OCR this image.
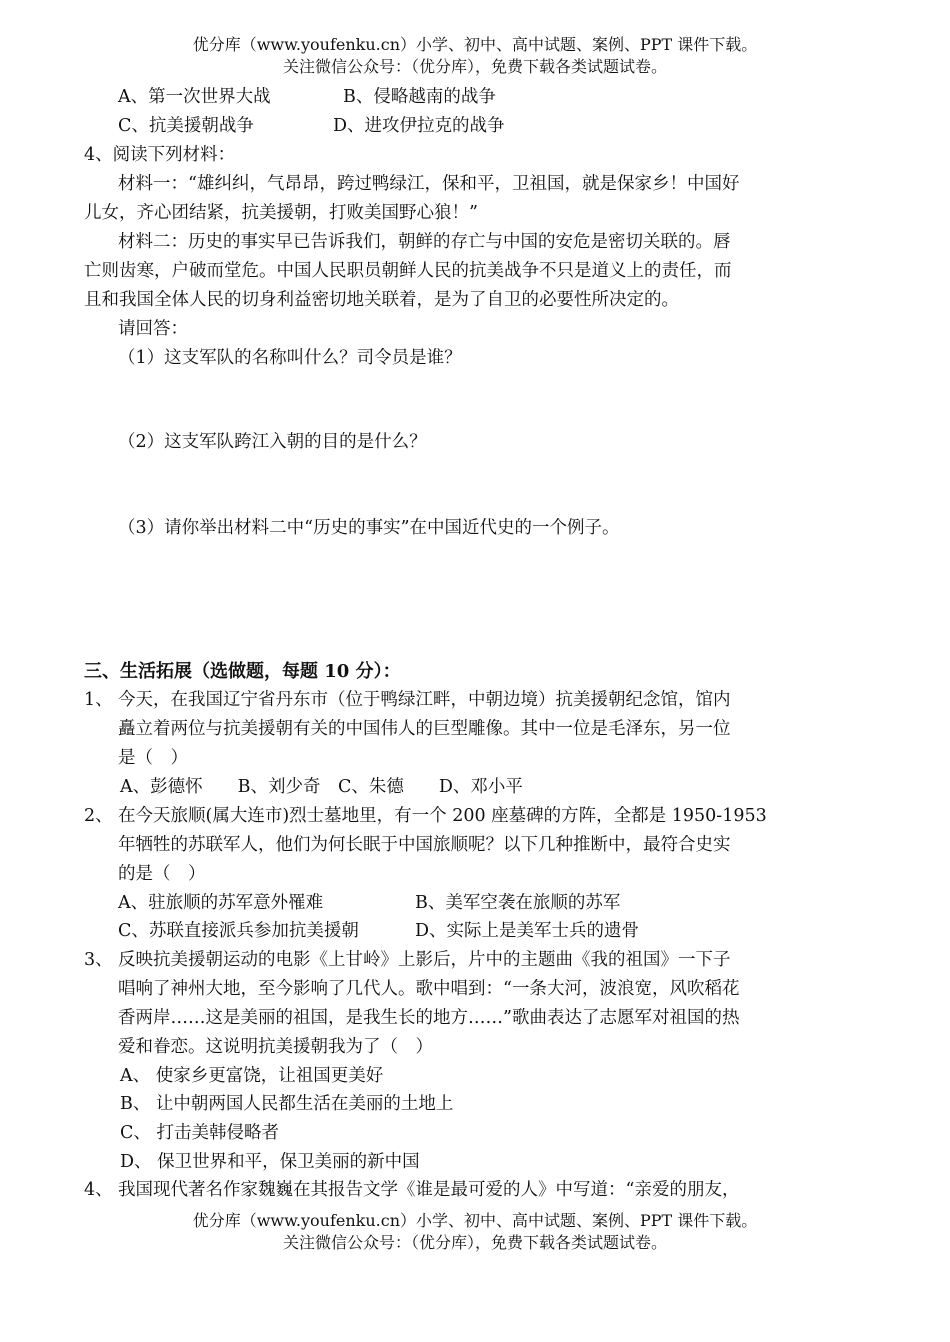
优分库（www.youfenku.cn）小学、初中、高中试题、案例、PPT 课件下载。
关注微信公众号：（优分库），免费下载各类试题试卷。
A、第一次世界大战	B、侵略越南的战争
C、抗美援朝战争	D、进攻伊拉克的战争
4、阅读下列材料：
材料一：“雄纠纠，气昂昂，跨过鸭绿江，保和平，卫祖国，就是保家乡！中国好
儿女，齐心团结紧，抗美援朝，打败美国野心狼！”
材料二：历史的事实早已告诉我们，朝鲜的存亡与中国的安危是密切关联的。唇
亡则齿寒，户破而堂危。中国人民职员朝鲜人民的抗美战争不只是道义上的责任，而
且和我国全体人民的切身利益密切地关联着，是为了自卫的必要性所决定的。
请回答：
（1）这支军队的名称叫什么？司令员是谁？
（2）这支军队跨江入朝的目的是什么？
（3）请你举出材料二中“历史的事实”在中国近代史的一个例子。
三、生活拓展（选做题，每题 10 分）：
1、 今天，在我国辽宁省丹东市（位于鸭绿江畔，中朝边境）抗美援朝纪念馆，馆内
矗立着两位与抗美援朝有关的中国伟人的巨型雕像。其中一位是毛泽东，另一位
是（　）
A、彭德怀　　B、刘少奇　C、朱德　　D、邓小平
2、 在今天旅顺(属大连市)烈士墓地里，有一个 200 座墓碑的方阵，全都是 1950-1953
年牺牲的苏联军人，他们为何长眠于中国旅顺呢？以下几种推断中，最符合史实
的是（　）
A、驻旅顺的苏军意外罹难	B、美军空袭在旅顺的苏军
C、苏联直接派兵参加抗美援朝	D、实际上是美军士兵的遗骨
3、 反映抗美援朝运动的电影《上甘岭》上影后，片中的主题曲《我的祖国》一下子
唱响了神州大地，至今影响了几代人。歌中唱到：“一条大河，波浪宽，风吹稻花
香两岸……这是美丽的祖国，是我生长的地方……”歌曲表达了志愿军对祖国的热
爱和眷恋。这说明抗美援朝我为了（　）
A、 使家乡更富饶，让祖国更美好
B、 让中朝两国人民都生活在美丽的土地上
C、 打击美韩侵略者
D、 保卫世界和平，保卫美丽的新中国
4、 我国现代著名作家魏巍在其报告文学《谁是最可爱的人》中写道：“亲爱的朋友，
优分库（www.youfenku.cn）小学、初中、高中试题、案例、PPT 课件下载。
关注微信公众号：（优分库），免费下载各类试题试卷。
